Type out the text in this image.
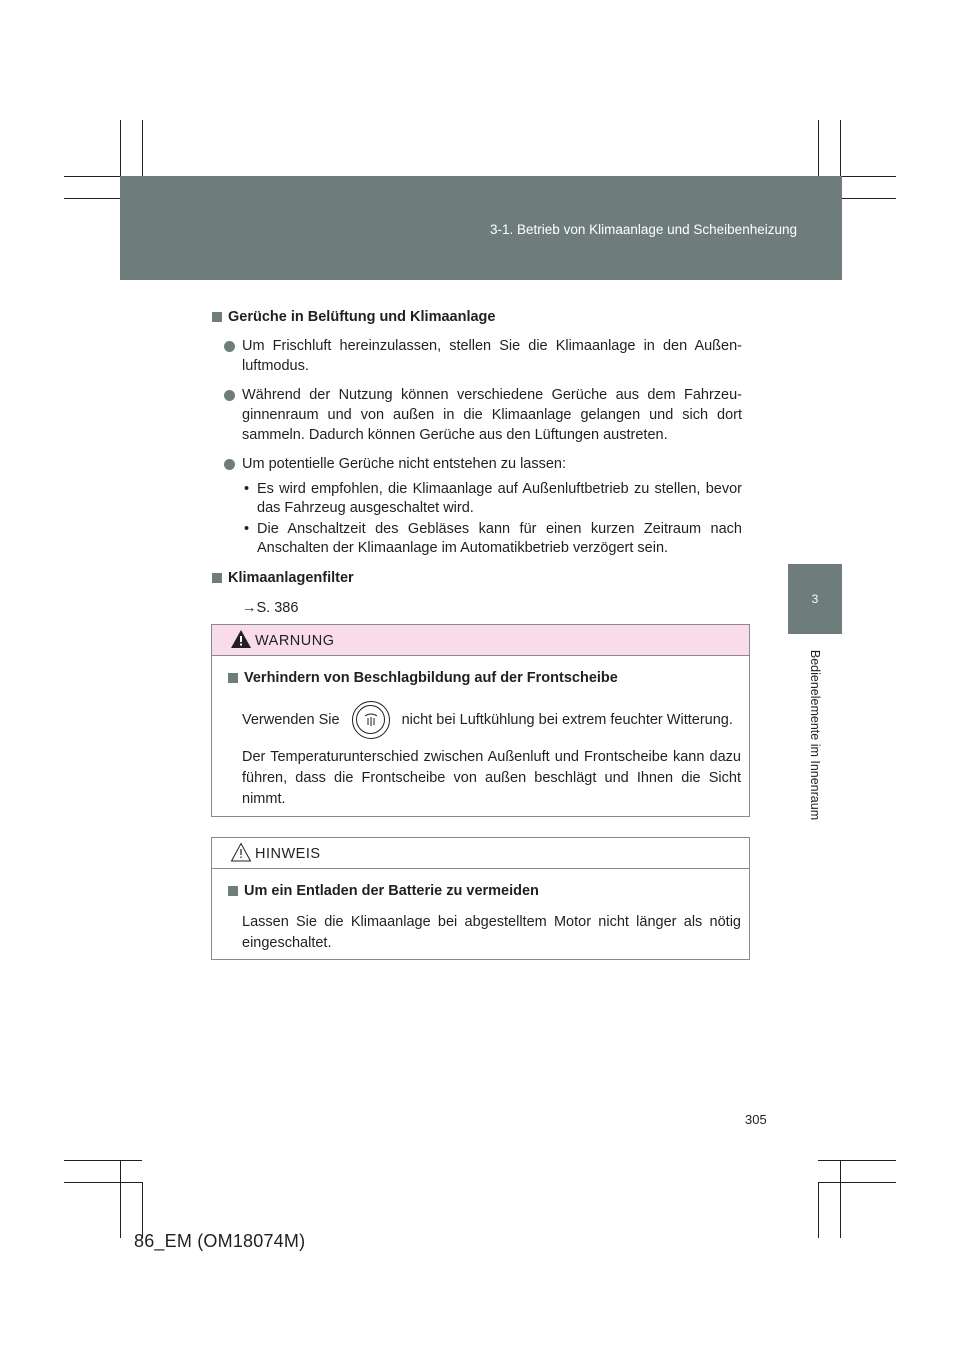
3-1. Betrieb von Klimaanlage und Scheibenheizung
3
Bedienelemente im Innenraum
Gerüche in Belüftung und Klimaanlage
Um Frischluft hereinzulassen, stellen Sie die Klimaanlage in den Außen-luftmodus.
Während der Nutzung können verschiedene Gerüche aus dem Fahrzeu-ginnenraum und von außen in die Klimaanlage gelangen und sich dort sammeln. Dadurch können Gerüche aus den Lüftungen austreten.
Um potentielle Gerüche nicht entstehen zu lassen:
• Es wird empfohlen, die Klimaanlage auf Außenluftbetrieb zu stellen, bevor das Fahrzeug ausgeschaltet wird.
• Die Anschaltzeit des Gebläses kann für einen kurzen Zeitraum nach Anschalten der Klimaanlage im Automatikbetrieb verzögert sein.
Klimaanlagenfilter
→S. 386
WARNUNG
Verhindern von Beschlagbildung auf der Frontscheibe

Verwenden Sie	nicht bei Luftkühlung bei extrem feuchter Witterung.

Der Temperaturunterschied zwischen Außenluft und Frontscheibe kann dazu führen, dass die Frontscheibe von außen beschlägt und Ihnen die Sicht nimmt.

HINWEIS
Um ein Entladen der Batterie zu vermeiden

Lassen Sie die Klimaanlage bei abgestelltem Motor nicht länger als nötig eingeschaltet.

305
86_EM (OM18074M)
